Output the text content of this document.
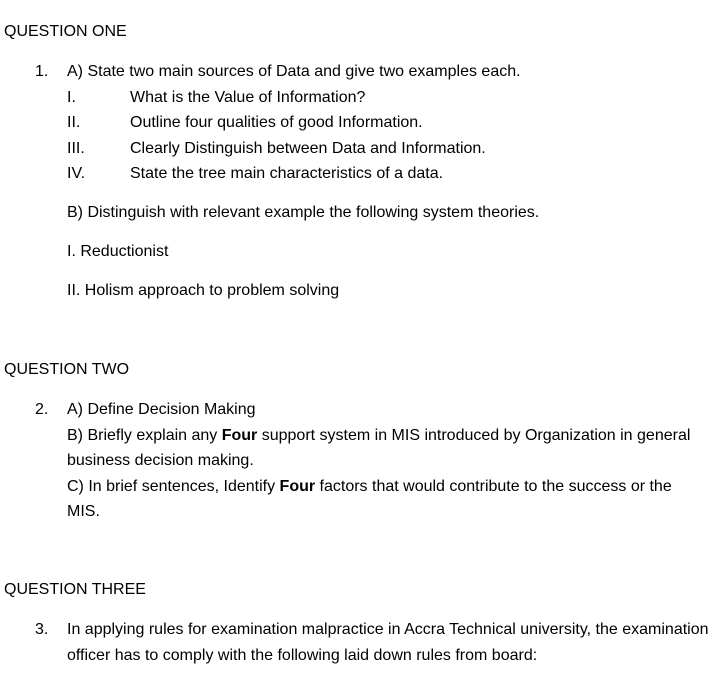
QUESTION ONE
1. A) State two main sources of Data and give two examples each.
I.	What is the Value of Information?
II.	Outline four qualities of good Information.
III.	Clearly Distinguish between Data and Information.
IV.	State the tree main characteristics of a data.
B) Distinguish with relevant example the following system theories.
I. Reductionist
II. Holism approach to problem solving
QUESTION TWO
2. A) Define Decision Making
B) Briefly explain any Four support system in MIS introduced by Organization in general
business decision making.
C) In brief sentences, Identify Four factors that would contribute to the success or the
MIS.
QUESTION THREE
3. In applying rules for examination malpractice in Accra Technical university, the examination
officer has to comply with the following laid down rules from board:
